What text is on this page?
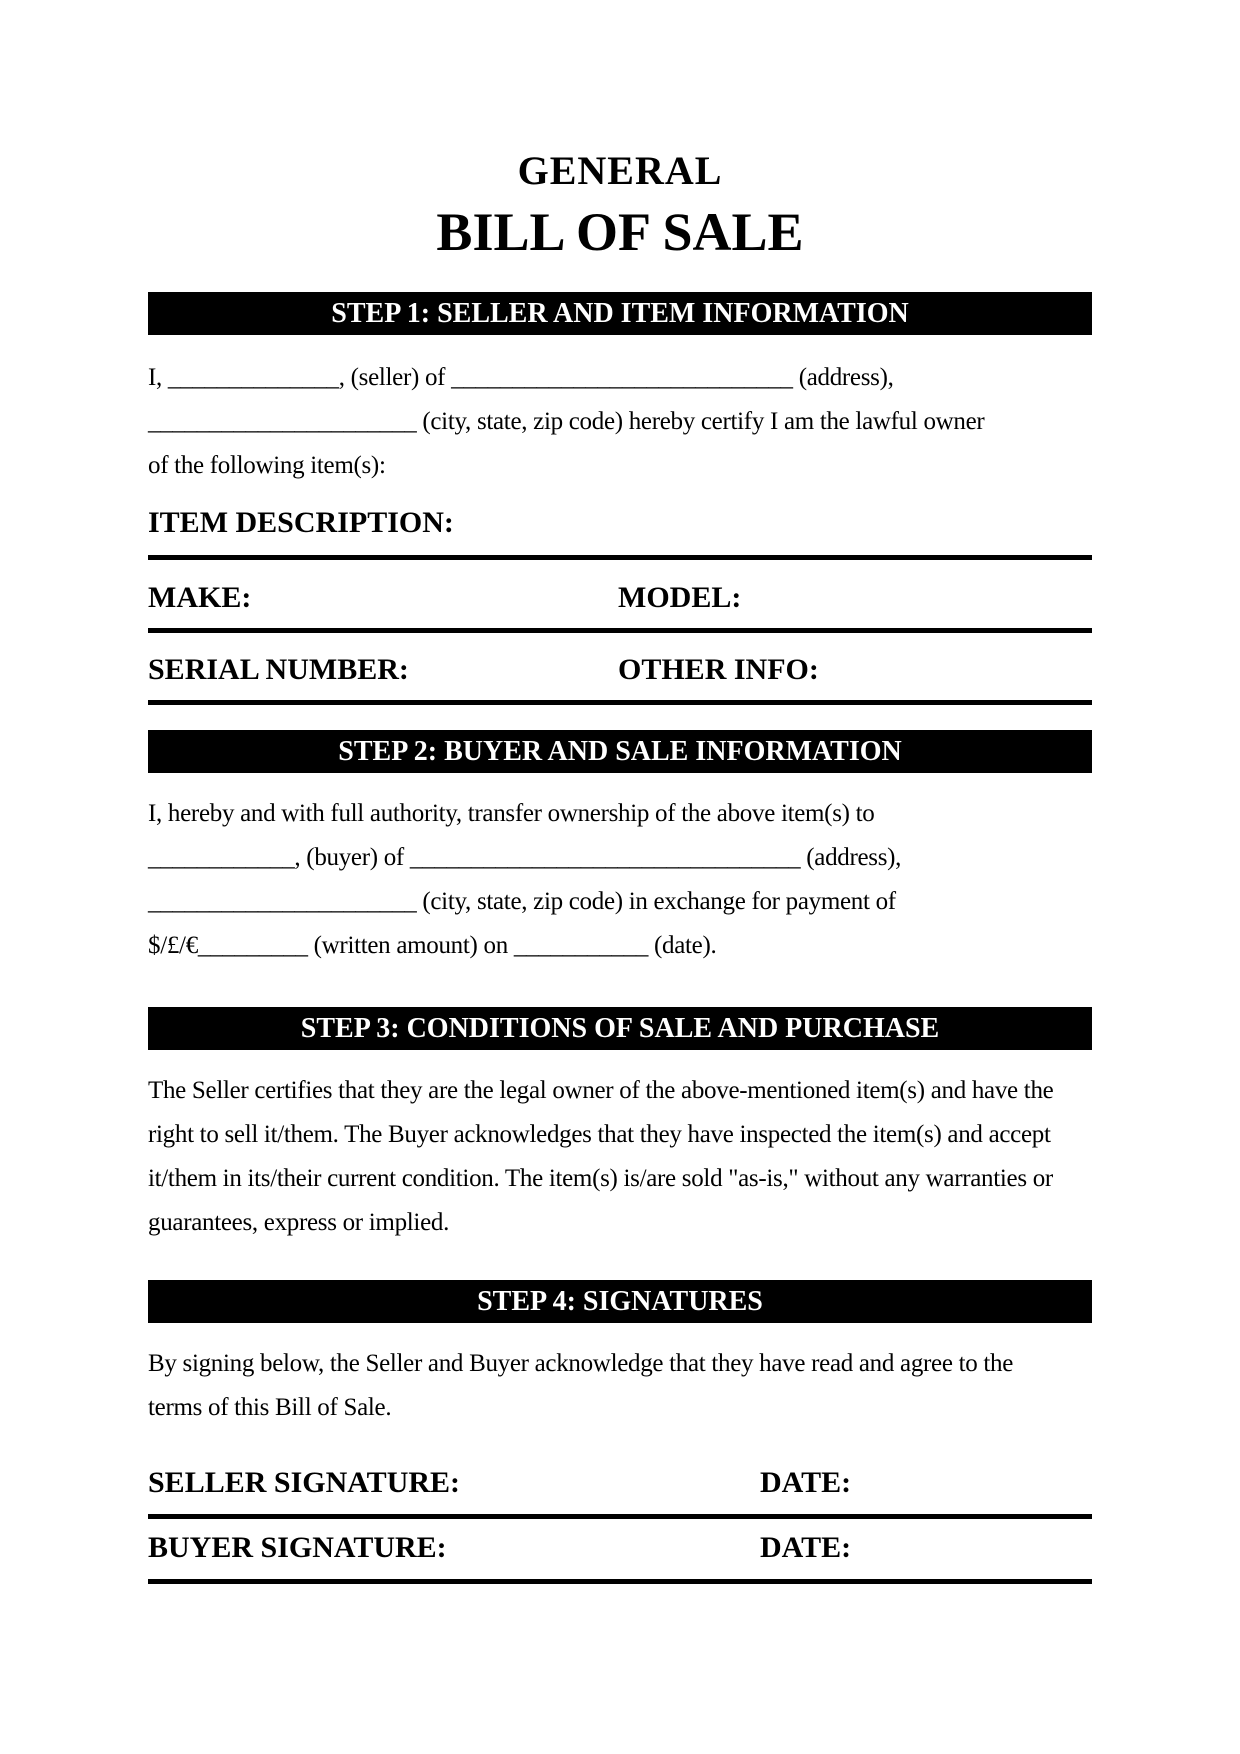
GENERAL
BILL OF SALE
STEP 1: SELLER AND ITEM INFORMATION
I, ______________, (seller) of ____________________________ (address),
______________________ (city, state, zip code) hereby certify I am the lawful owner
of the following item(s):
ITEM DESCRIPTION:
MAKE:	MODEL:
SERIAL NUMBER:	OTHER INFO:
STEP 2: BUYER AND SALE INFORMATION
I, hereby and with full authority, transfer ownership of the above item(s) to
____________, (buyer) of ________________________________ (address),
______________________ (city, state, zip code) in exchange for payment of
$/£/€_________ (written amount) on ___________ (date).
STEP 3: CONDITIONS OF SALE AND PURCHASE
The Seller certifies that they are the legal owner of the above-mentioned item(s) and have the
right to sell it/them. The Buyer acknowledges that they have inspected the item(s) and accept
it/them in its/their current condition. The item(s) is/are sold "as-is," without any warranties or
guarantees, express or implied.
STEP 4: SIGNATURES
By signing below, the Seller and Buyer acknowledge that they have read and agree to the
terms of this Bill of Sale.
SELLER SIGNATURE:	DATE:
BUYER SIGNATURE:	DATE:
